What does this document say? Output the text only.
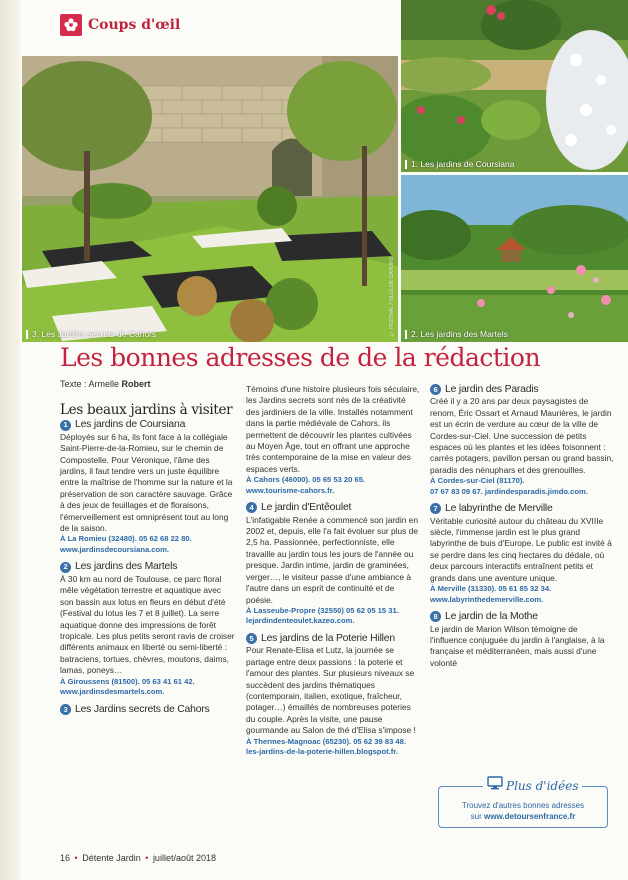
Coups d'œil
3. Les Jardins secrets de Cahors	© FESTIVAL / VILLE DE CAHORS
1. Les jardins de Coursiana
2. Les jardins des Martels
Les bonnes adresses de de la rédaction
Texte : Armelle Robert
Les beaux jardins à visiter
1 Les jardins de Coursiana
Déployés sur 6 ha, ils font face à la collégiale Saint-Pierre-de-la-Romieu, sur le chemin de Compostelle. Pour Véronique, l'âme des jardins, il faut tendre vers un juste équilibre entre la maîtrise de l'homme sur la nature et la préservation de son caractère sauvage. Grâce à des jeux de feuillages et de floraisons, l'émerveillement est omniprésent tout au long de la saison.
À La Romieu (32480). 05 62 68 22 80.
www.jardinsdecoursiana.com.
2 Les jardins des Martels
À 30 km au nord de Toulouse, ce parc floral mêle végétation terrestre et aquatique avec son bassin aux lotus en fleurs en début d'été (Festival du lotus les 7 et 8 juillet). La serre aquatique donne des impressions de forêt tropicale. Les plus petits seront ravis de croiser différents animaux en liberté ou semi-liberté : batraciens, tortues, chèvres, moutons, daims, lamas, poneys…
À Giroussens (81500). 05 63 41 61 42.
www.jardinsdesmartels.com.
3 Les Jardins secrets de Cahors
Témoins d'une histoire plusieurs fois séculaire, les Jardins secrets sont nés de la créativité des jardiniers de la ville. Installés notamment dans la partie médiévale de Cahors, ils permettent de découvrir les plantes cultivées au Moyen Âge, tout en offrant une approche très contemporaine de la mise en valeur des espaces verts.
À Cahors (46000). 05 65 53 20 65.
www.tourisme-cahors.fr.
4 Le jardin d'Entêoulet
L'infatigable Renée a commencé son jardin en 2002 et, depuis, elle l'a fait évoluer sur plus de 2,5 ha. Passionnée, perfectionniste, elle travaille au jardin tous les jours de l'année ou presque. Jardin intime, jardin de graminées, verger…, le visiteur passe d'une ambiance à l'autre dans un esprit de continuité et de poésie.
À Lasseube-Propre (32550) 05 62 05 15 31.
lejardindenteoulet.kazeo.com.
5 Les jardins de la Poterie Hillen
Pour Renate-Elisa et Lutz, la journée se partage entre deux passions : la poterie et l'amour des plantes. Sur plusieurs niveaux se succèdent des jardins thématiques (contemporain, italien, exotique, fraîcheur, potager…) émaillés de nombreuses poteries du couple. Après la visite, une pause gourmande au Salon de thé d'Elisa s'impose !
À Thermes-Magnoac (65230). 05 62 39 83 48.
les-jardins-de-la-poterie-hillen.blogspot.fr.
6 Le jardin des Paradis
Créé il y a 20 ans par deux paysagistes de renom, Éric Ossart et Arnaud Maurières, le jardin est un écrin de verdure au cœur de la ville de Cordes-sur-Ciel. Une succession de petits espaces où les plantes et les idées foisonnent : carrés potagers, pavillon persan ou grand bassin, paradis des nénuphars et des grenouilles.
À Cordes-sur-Ciel (81170).
07 67 83 09 67. jardindesparadis.jimdo.com.
7 Le labyrinthe de Merville
Véritable curiosité autour du château du XVIIIe siècle, l'immense jardin est le plus grand labyrinthe de buis d'Europe. Le public est invité à se perdre dans les cinq hectares du dédale, où deux parcours interactifs entraînent petits et grands dans une aventure unique.
À Merville (31330). 05 61 85 32 34.
www.labyrinthedemerville.com.
8 Le jardin de la Mothe
Le jardin de Marion Wilson témoigne de l'influence conjuguée du jardin à l'anglaise, à la française et méditerranéen, mais aussi d'une volonté
Plus d'idées
Trouvez d'autres bonnes adresses
sur www.detoursenfrance.fr
16 • Détente Jardin • juillet/août 2018
